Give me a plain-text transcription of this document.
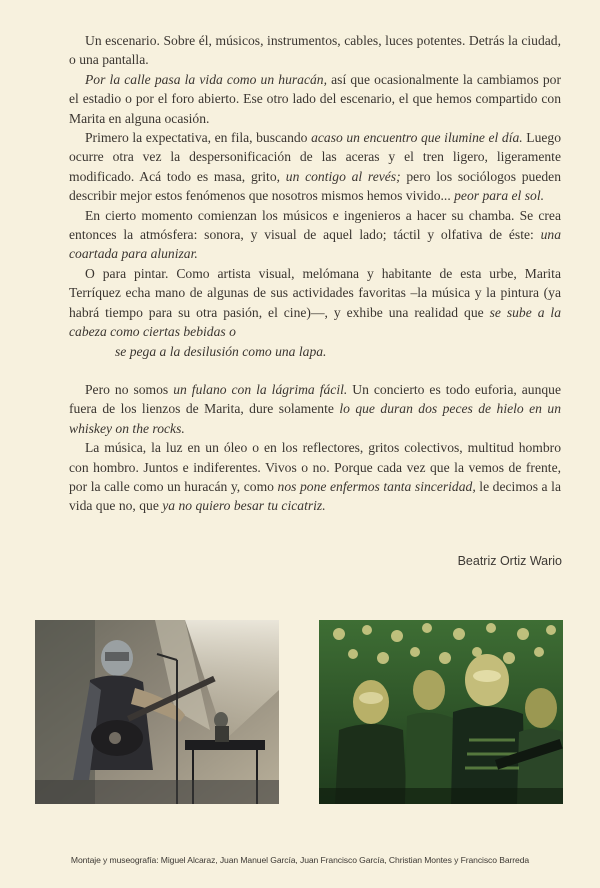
Un escenario. Sobre él, músicos, instrumentos, cables, luces potentes. Detrás la ciudad, o una pantalla.

Por la calle pasa la vida como un huracán, así que ocasionalmente la cambiamos por el estadio o por el foro abierto. Ese otro lado del escenario, el que hemos compartido con Marita en alguna ocasión.

Primero la expectativa, en fila, buscando acaso un encuentro que ilumine el día. Luego ocurre otra vez la despersonificación de las aceras y el tren ligero, ligeramente modificado. Acá todo es masa, grito, un contigo al revés; pero los sociólogos pueden describir mejor estos fenómenos que nosotros mismos hemos vivido... peor para el sol.

En cierto momento comienzan los músicos e ingenieros a hacer su chamba. Se crea entonces la atmósfera: sonora, y visual de aquel lado; táctil y olfativa de éste: una coartada para alunizar.

O para pintar. Como artista visual, melómana y habitante de esta urbe, Marita Terríquez echa mano de algunas de sus actividades favoritas –la música y la pintura (ya habrá tiempo para su otra pasión, el cine)—, y exhibe una realidad que se sube a la cabeza como ciertas bebidas o

se pega a la desilusión como una lapa.

Pero no somos un fulano con la lágrima fácil. Un concierto es todo euforia, aunque fuera de los lienzos de Marita, dure solamente lo que duran dos peces de hielo en un whiskey on the rocks.

La música, la luz en un óleo o en los reflectores, gritos colectivos, multitud hombro con hombro. Juntos e indiferentes. Vivos o no. Porque cada vez que la vemos de frente, por la calle como un huracán y, como nos pone enfermos tanta sinceridad, le decimos a la vida que no, que ya no quiero besar tu cicatriz.

Beatriz Ortiz Wario
Montaje y museografía: Miguel Alcaraz, Juan Manuel García, Juan Francisco García, Christian Montes y Francisco Barreda
